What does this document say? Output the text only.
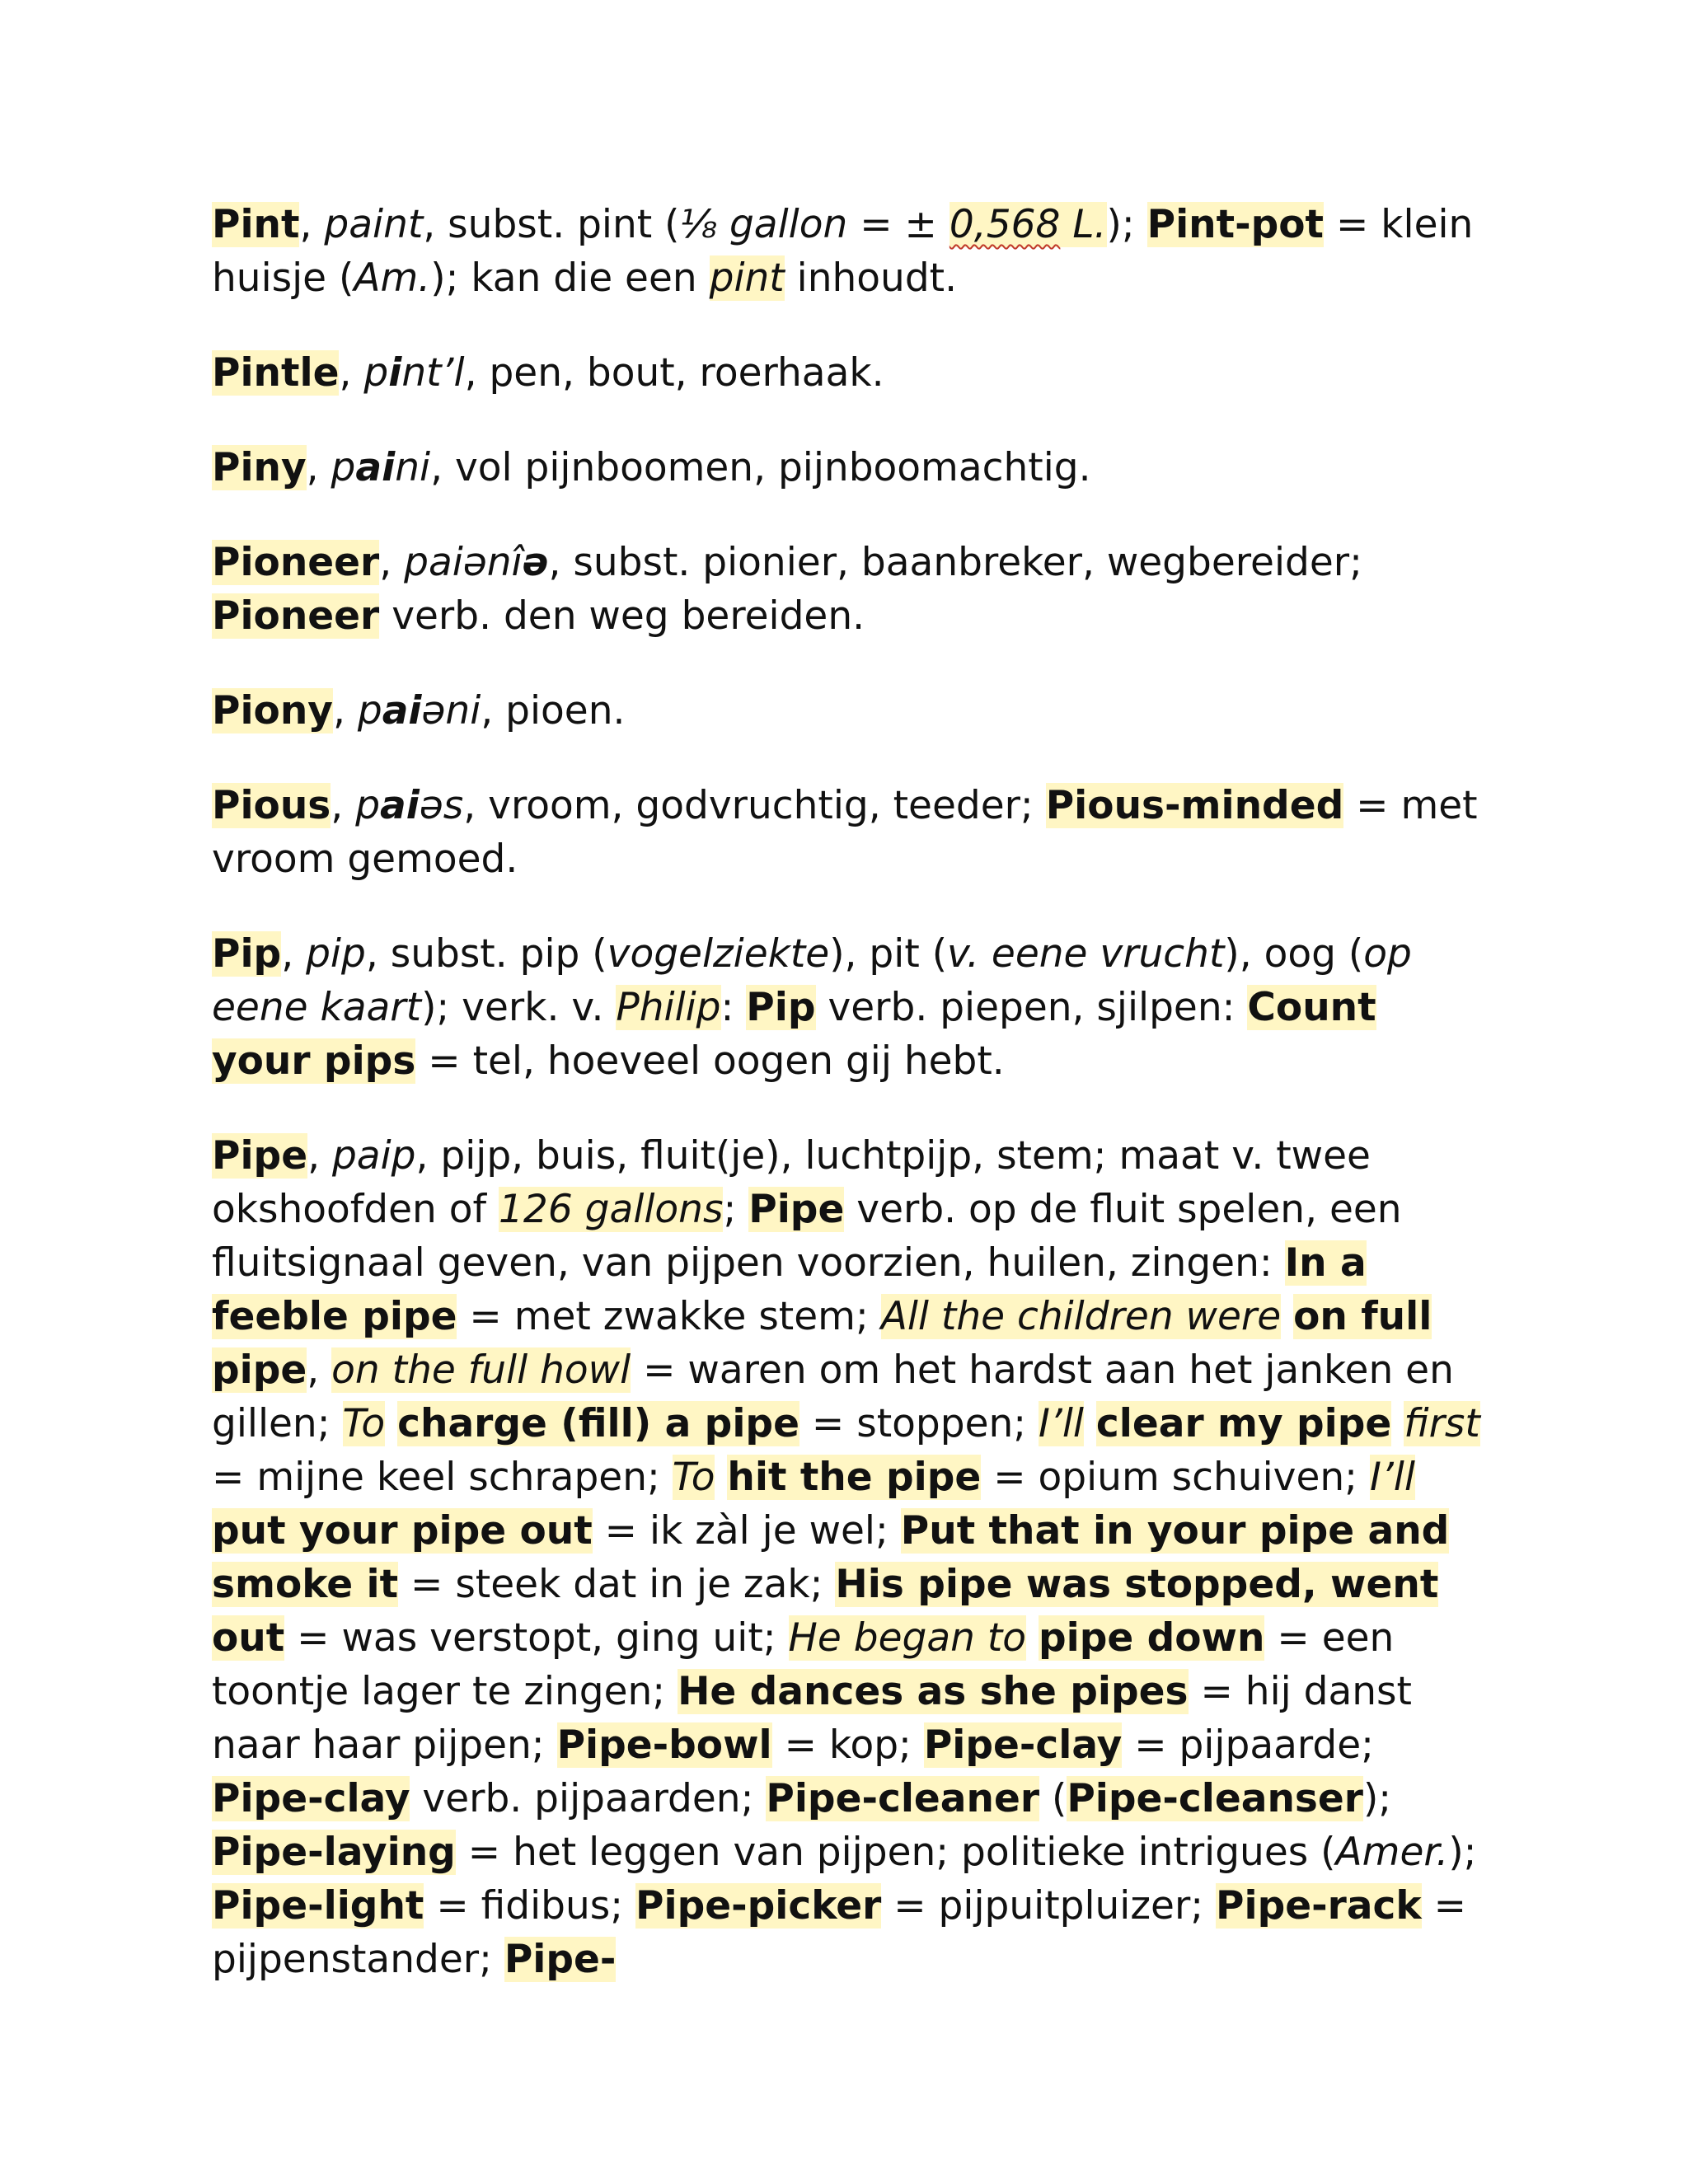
Pint, paint, subst. pint (⅛ gallon = ± 0,568 L.); Pint-pot = klein huisje (Am.); kan die een pint inhoudt.

Pintle, pint’l, pen, bout, roerhaak.

Piny, paini, vol pijnboomen, pijnboomachtig.

Pioneer, paiənîə, subst. pionier, baanbreker, wegbereider; Pioneer verb. den weg bereiden.

Piony, paiəni, pioen.

Pious, paiəs, vroom, godvruchtig, teeder; Pious-minded = met vroom gemoed.

Pip, pip, subst. pip (vogelziekte), pit (v. eene vrucht), oog (op eene kaart); verk. v. Philip: Pip verb. piepen, sjilpen: Count your pips = tel, hoeveel oogen gij hebt.

Pipe, paip, pijp, buis, fluit(je), luchtpijp, stem; maat v. twee okshoofden of 126 gallons; Pipe verb. op de fluit spelen, een fluitsignaal geven, van pijpen voorzien, huilen, zingen: In a feeble pipe = met zwakke stem; All the children were on full pipe, on the full howl = waren om het hardst aan het janken en gillen; To charge (fill) a pipe = stoppen; I’ll clear my pipe first = mijne keel schrapen; To hit the pipe = opium schuiven; I’ll put your pipe out = ik zàl je wel; Put that in your pipe and smoke it = steek dat in je zak; His pipe was stopped, went out = was verstopt, ging uit; He began to pipe down = een toontje lager te zingen; He dances as she pipes = hij danst naar haar pijpen; Pipe-bowl = kop; Pipe-clay = pijpaarde; Pipe-clay verb. pijpaarden; Pipe-cleaner (Pipe-cleanser); Pipe-laying = het leggen van pijpen; politieke intrigues (Amer.); Pipe-light = fidibus; Pipe-picker = pijpuitpluizer; Pipe-rack = pijpenstander; Pipe-
